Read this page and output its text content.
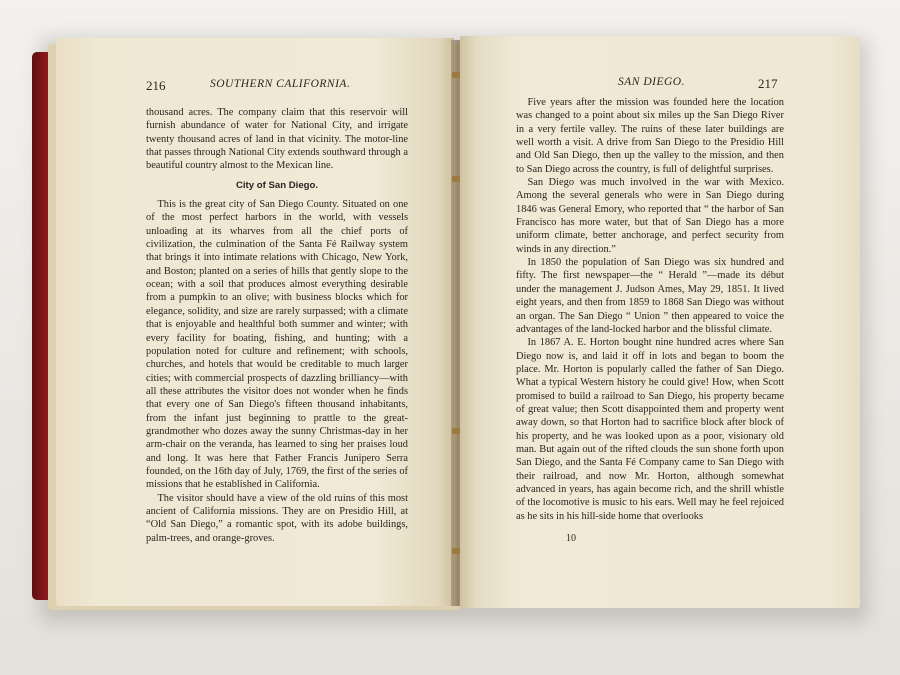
216	SOUTHERN CALIFORNIA.

thousand acres. The company claim that this reservoir will furnish abundance of water for National City, and irrigate twenty thousand acres of land in that vicinity. The motor-line that passes through National City extends southward through a beautiful country almost to the Mexican line.

City of San Diego.

This is the great city of San Diego County. Situated on one of the most perfect harbors in the world, with vessels unloading at its wharves from all the chief ports of civilization, the culmination of the Santa Fé Railway system that brings it into intimate relations with Chicago, New York, and Boston; planted on a series of hills that gently slope to the ocean; with a soil that produces almost everything desirable from a pumpkin to an olive; with business blocks which for elegance, solidity, and size are rarely surpassed; with a climate that is enjoyable and healthful both summer and winter; with every facility for boating, fishing, and hunting; with a population noted for culture and refinement; with schools, churches, and hotels that would be creditable to much larger cities; with commercial prospects of dazzling brilliancy—with all these attributes the visitor does not wonder when he finds that every one of San Diego's fifteen thousand inhabitants, from the infant just beginning to prattle to the great-grandmother who dozes away the sunny Christmas-day in her arm-chair on the veranda, has learned to sing her praises loud and long. It was here that Father Francis Junipero Serra founded, on the 16th day of July, 1769, the first of the series of missions that he established in California.

The visitor should have a view of the old ruins of this most ancient of California missions. They are on Presidio Hill, at “Old San Diego,” a romantic spot, with its adobe buildings, palm-trees, and orange-groves.

SAN DIEGO.	217

Five years after the mission was founded here the location was changed to a point about six miles up the San Diego River in a very fertile valley. The ruins of these later buildings are well worth a visit. A drive from San Diego to the Presidio Hill and Old San Diego, then up the valley to the mission, and then to San Diego across the country, is full of delightful surprises.

San Diego was much involved in the war with Mexico. Among the several generals who were in San Diego during 1846 was General Emory, who reported that “ the harbor of San Francisco has more water, but that of San Diego has a more uniform climate, better anchorage, and perfect security from winds in any direction.”

In 1850 the population of San Diego was six hundred and fifty. The first newspaper—the “ Herald ”—made its début under the management J. Judson Ames, May 29, 1851. It lived eight years, and then from 1859 to 1868 San Diego was without an organ. The San Diego “ Union ” then appeared to voice the advantages of the land-locked harbor and the blissful climate.

In 1867 A. E. Horton bought nine hundred acres where San Diego now is, and laid it off in lots and began to boom the place. Mr. Horton is popularly called the father of San Diego. What a typical Western history he could give! How, when Scott promised to build a railroad to San Diego, his property became of great value; then Scott disappointed them and property went away down, so that Horton had to sacrifice block after block of his property, and he was looked upon as a poor, visionary old man. But again out of the rifted clouds the sun shone forth upon San Diego, and the Santa Fé Company came to San Diego with their railroad, and now Mr. Horton, although somewhat advanced in years, has again become rich, and the shrill whistle of the locomotive is music to his ears. Well may he feel rejoiced as he sits in his hill-side home that overlooks

10
